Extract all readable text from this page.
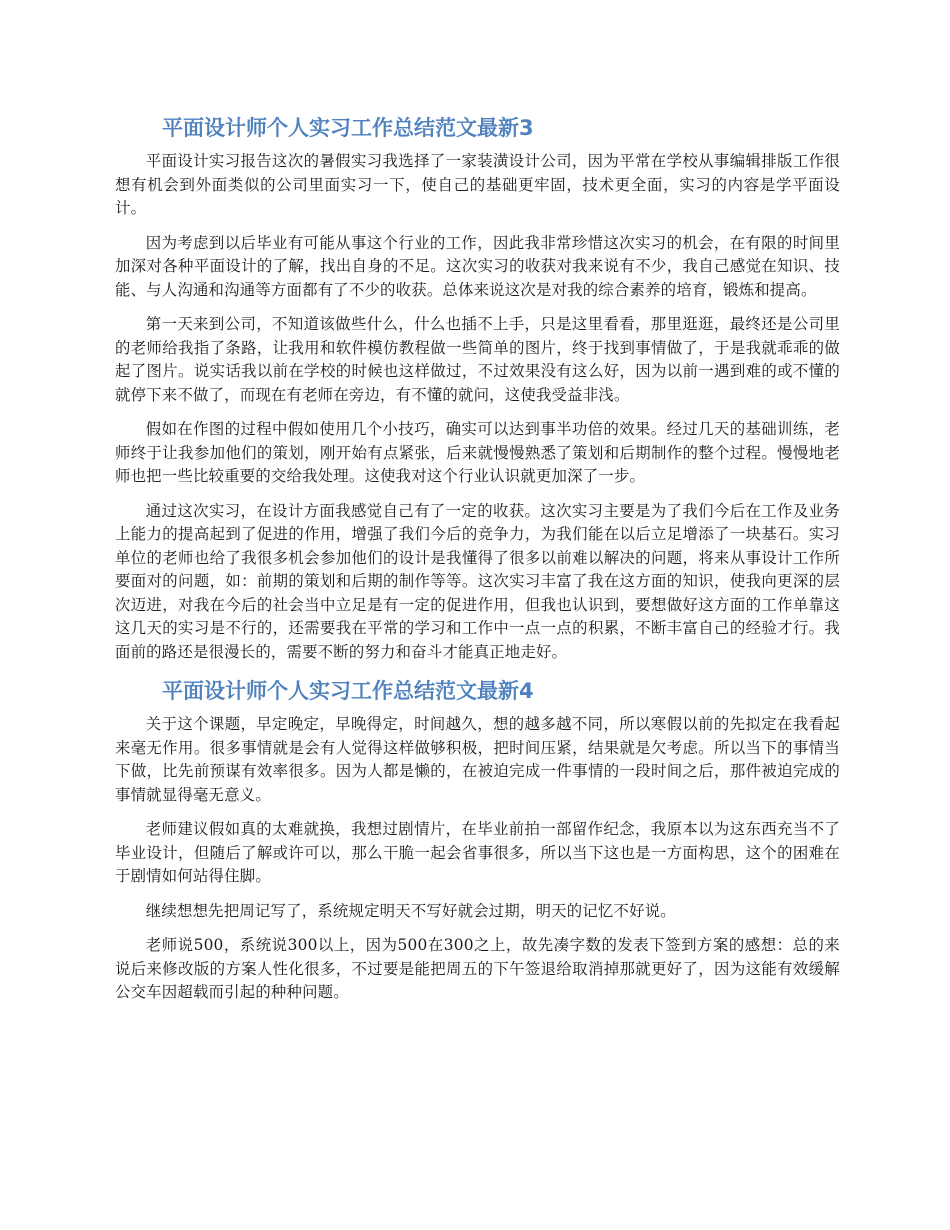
平面设计师个人实习工作总结范文最新3

平面设计实习报告这次的暑假实习我选择了一家装潢设计公司，因为平常在学校从事编辑排版工作很想有机会到外面类似的公司里面实习一下，使自己的基础更牢固，技术更全面，实习的内容是学平面设计。

因为考虑到以后毕业有可能从事这个行业的工作，因此我非常珍惜这次实习的机会，在有限的时间里加深对各种平面设计的了解，找出自身的不足。这次实习的收获对我来说有不少，我自己感觉在知识、技能、与人沟通和沟通等方面都有了不少的收获。总体来说这次是对我的综合素养的培育，锻炼和提高。

第一天来到公司，不知道该做些什么，什么也插不上手，只是这里看看，那里逛逛，最终还是公司里的老师给我指了条路，让我用和软件模仿教程做一些简单的图片，终于找到事情做了，于是我就乖乖的做起了图片。说实话我以前在学校的时候也这样做过，不过效果没有这么好，因为以前一遇到难的或不懂的就停下来不做了，而现在有老师在旁边，有不懂的就问，这使我受益非浅。

假如在作图的过程中假如使用几个小技巧，确实可以达到事半功倍的效果。经过几天的基础训练，老师终于让我参加他们的策划，刚开始有点紧张，后来就慢慢熟悉了策划和后期制作的整个过程。慢慢地老师也把一些比较重要的交给我处理。这使我对这个行业认识就更加深了一步。

通过这次实习，在设计方面我感觉自己有了一定的收获。这次实习主要是为了我们今后在工作及业务上能力的提高起到了促进的作用，增强了我们今后的竞争力，为我们能在以后立足增添了一块基石。实习单位的老师也给了我很多机会参加他们的设计是我懂得了很多以前难以解决的问题，将来从事设计工作所要面对的问题，如：前期的策划和后期的制作等等。这次实习丰富了我在这方面的知识，使我向更深的层次迈进，对我在今后的社会当中立足是有一定的促进作用，但我也认识到，要想做好这方面的工作单靠这这几天的实习是不行的，还需要我在平常的学习和工作中一点一点的积累，不断丰富自己的经验才行。我面前的路还是很漫长的，需要不断的努力和奋斗才能真正地走好。

平面设计师个人实习工作总结范文最新4

关于这个课题，早定晚定，早晚得定，时间越久，想的越多越不同，所以寒假以前的先拟定在我看起来毫无作用。很多事情就是会有人觉得这样做够积极，把时间压紧，结果就是欠考虑。所以当下的事情当下做，比先前预谋有效率很多。因为人都是懒的，在被迫完成一件事情的一段时间之后，那件被迫完成的事情就显得毫无意义。

老师建议假如真的太难就换，我想过剧情片，在毕业前拍一部留作纪念，我原本以为这东西充当不了毕业设计，但随后了解或许可以，那么干脆一起会省事很多，所以当下这也是一方面构思，这个的困难在于剧情如何站得住脚。

继续想想先把周记写了，系统规定明天不写好就会过期，明天的记忆不好说。

老师说500，系统说300以上，因为500在300之上，故先凑字数的发表下签到方案的感想：总的来说后来修改版的方案人性化很多，不过要是能把周五的下午签退给取消掉那就更好了，因为这能有效缓解公交车因超载而引起的种种问题。
